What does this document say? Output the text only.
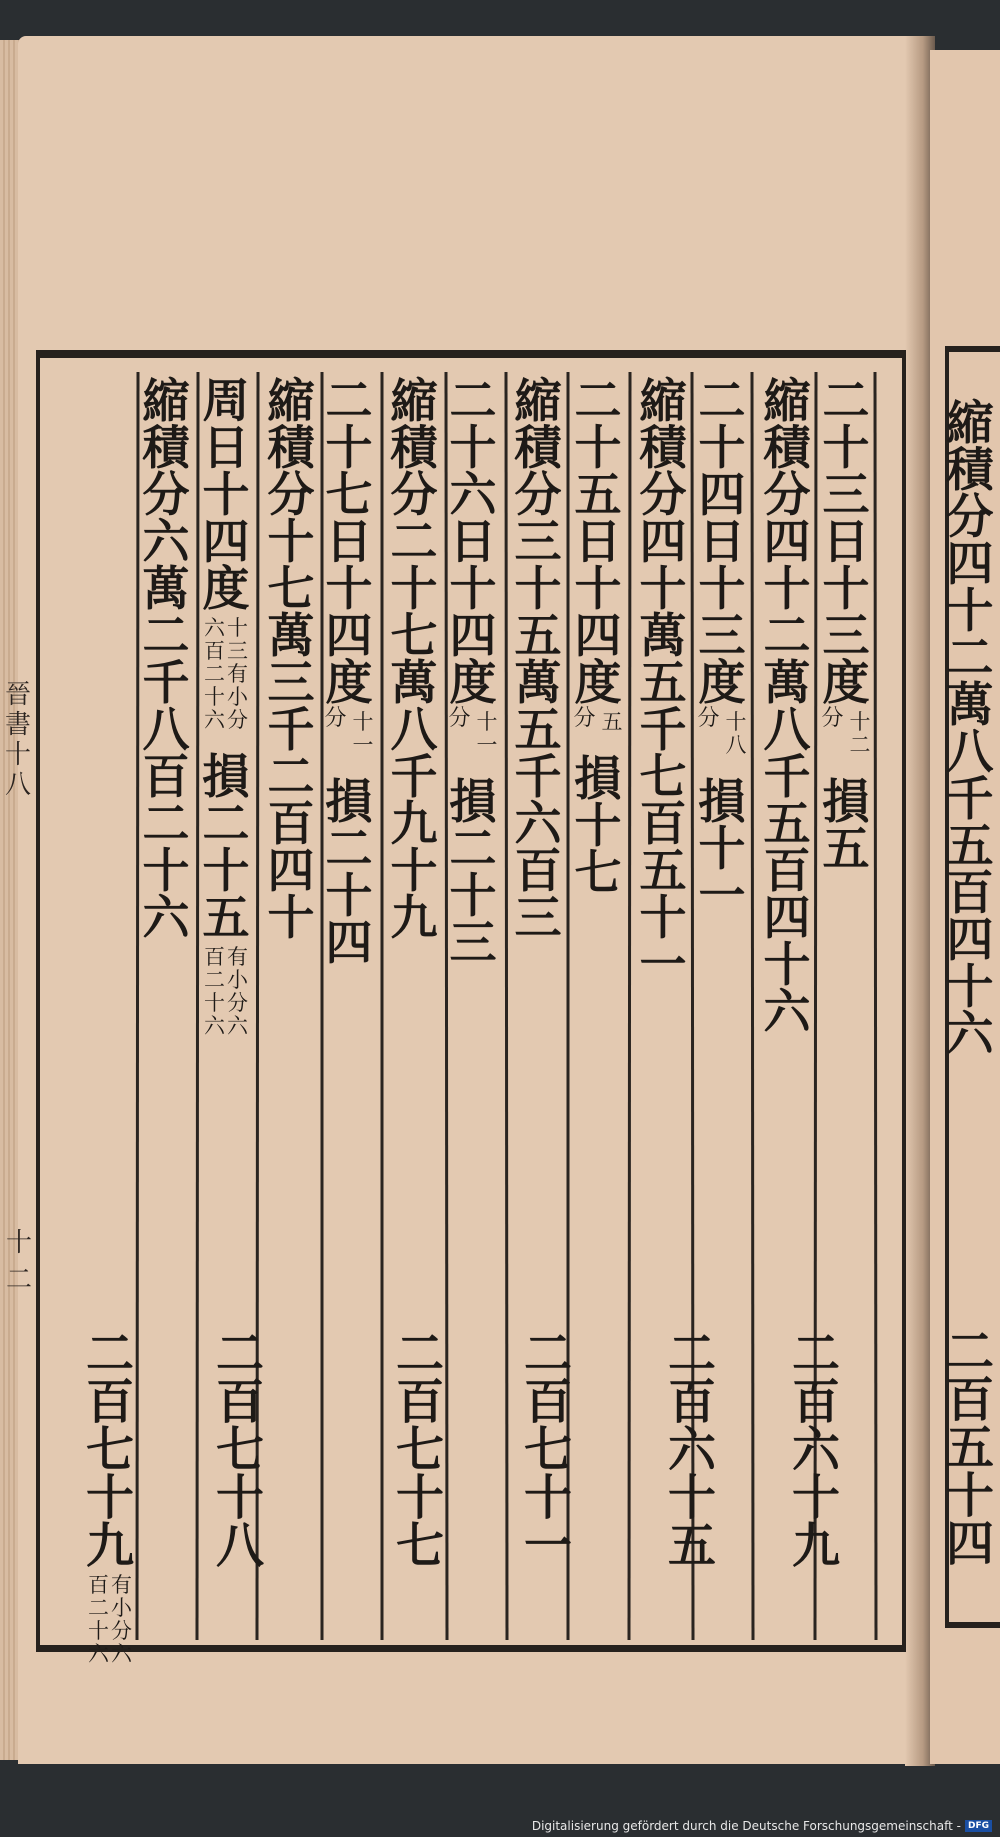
二
十
三
日
十
三
度
分 十
二
損
五
縮
積
分
四
十
二
萬
八
千
五
百
四
十
六
二
十
四
日
十
三
度
分 十
八
損
十
一
縮
積
分
四
十
萬
五
千
七
百
五
十
一
二
十
五
日
十
四
度
分 五
損
十
七
縮
積
分
三
十
五
萬
五
千
六
百
三
二
十
六
日
十
四
度
分 十
一
損
二
十
三
縮
積
分
二
十
七
萬
八
千
九
十
九
二
十
七
日
十
四
度
分 十
一
損
二
十
四
縮
積
分
十
七
萬
三
千
二
百
四
十
周
日
十
四
度
十
三
有
小
分
六
百
二
十
六
損
二
十
五
有
小
分
六
百
二
十
六
縮
積
分
六
萬
二
千
八
百
二
十
六
二
百
六
十
九
二
百
六
十
五
二
百
七
十
一
二
百
七
十
七
二
百
七
十
八
二
百
七
十
九
有
小
分
六
百
二
十
六
縮
積
分
四
十
二
萬
八
千
五
百
四
十
六
二
百
五
十
四
晉
書
十
八
十二
Digitalisierung gefördert durch die Deutsche Forschungsgemeinschaft - DFG
